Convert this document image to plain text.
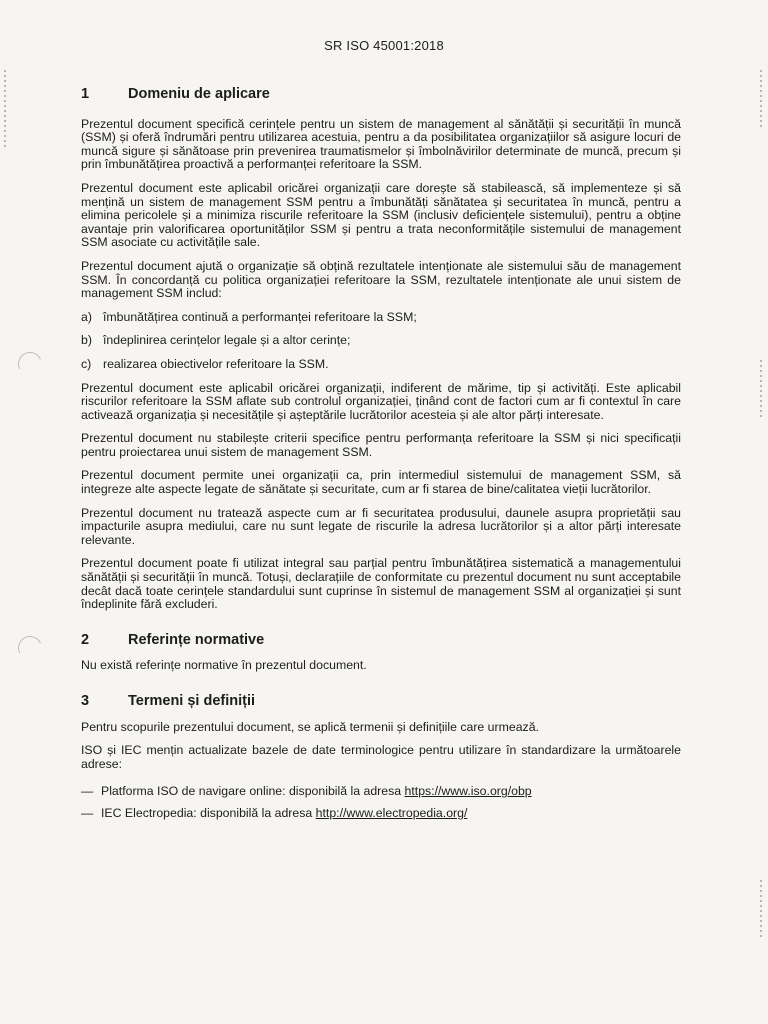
SR ISO 45001:2018
1	Domeniu de aplicare

Prezentul document specifică cerințele pentru un sistem de management al sănătății și securității în muncă (SSM) și oferă îndrumări pentru utilizarea acestuia, pentru a da posibilitatea organizațiilor să asigure locuri de muncă sigure și sănătoase prin prevenirea traumatismelor și îmbolnăvirilor determinate de muncă, precum și prin îmbunătățirea proactivă a performanței referitoare la SSM.

Prezentul document este aplicabil oricărei organizații care dorește să stabilească, să implementeze și să mențină un sistem de management SSM pentru a îmbunătăți sănătatea și securitatea în muncă, pentru a elimina pericolele și a minimiza riscurile referitoare la SSM (inclusiv deficiențele sistemului), pentru a obține avantaje prin valorificarea oportunităților SSM și pentru a trata neconformitățile sistemului de management SSM asociate cu activitățile sale.

Prezentul document ajută o organizație să obțină rezultatele intenționate ale sistemului său de management SSM. În concordanță cu politica organizației referitoare la SSM, rezultatele intenționate ale unui sistem de management SSM includ:

a) îmbunătățirea continuă a performanței referitoare la SSM;
b) îndeplinirea cerințelor legale și a altor cerințe;
c) realizarea obiectivelor referitoare la SSM.

Prezentul document este aplicabil oricărei organizații, indiferent de mărime, tip și activități. Este aplicabil riscurilor referitoare la SSM aflate sub controlul organizației, ținând cont de factori cum ar fi contextul în care activează organizația și necesitățile și așteptările lucrătorilor acesteia și ale altor părți interesate.

Prezentul document nu stabilește criterii specifice pentru performanța referitoare la SSM și nici specificații pentru proiectarea unui sistem de management SSM.

Prezentul document permite unei organizații ca, prin intermediul sistemului de management SSM, să integreze alte aspecte legate de sănătate și securitate, cum ar fi starea de bine/calitatea vieții lucrătorilor.

Prezentul document nu tratează aspecte cum ar fi securitatea produsului, daunele asupra proprietății sau impacturile asupra mediului, care nu sunt legate de riscurile la adresa lucrătorilor și a altor părți interesate relevante.

Prezentul document poate fi utilizat integral sau parțial pentru îmbunătățirea sistematică a managementului sănătății și securității în muncă. Totuși, declarațiile de conformitate cu prezentul document nu sunt acceptabile decât dacă toate cerințele standardului sunt cuprinse în sistemul de management SSM al organizației și sunt îndeplinite fără excluderi.

2	Referințe normative

Nu există referințe normative în prezentul document.

3	Termeni și definiții

Pentru scopurile prezentului document, se aplică termenii și definițiile care urmează.

ISO și IEC mențin actualizate bazele de date terminologice pentru utilizare în standardizare la următoarele adrese:

— Platforma ISO de navigare online: disponibilă la adresa https://www.iso.org/obp
— IEC Electropedia: disponibilă la adresa http://www.electropedia.org/
